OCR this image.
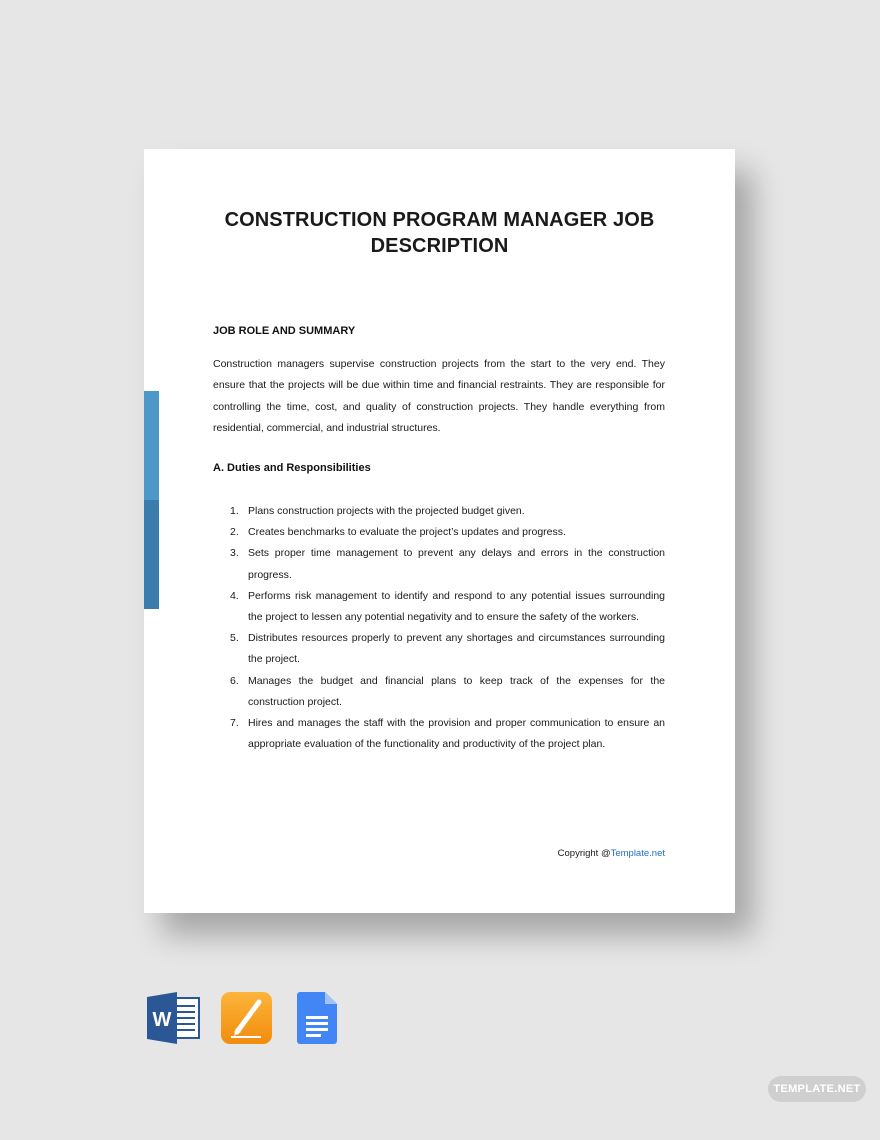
CONSTRUCTION PROGRAM MANAGER JOB
DESCRIPTION
JOB ROLE AND SUMMARY

Construction managers supervise construction projects from the start to the very end. They ensure that the projects will be due within time and financial restraints. They are responsible for controlling the time, cost, and quality of construction projects. They handle everything from residential, commercial, and industrial structures.

A. Duties and Responsibilities
1. Plans construction projects with the projected budget given.
2. Creates benchmarks to evaluate the project’s updates and progress.
3. Sets proper time management to prevent any delays and errors in the construction progress.
4. Performs risk management to identify and respond to any potential issues surrounding the project to lessen any potential negativity and to ensure the safety of the workers.
5. Distributes resources properly to prevent any shortages and circumstances surrounding the project.
6. Manages the budget and financial plans to keep track of the expenses for the construction project.
7. Hires and manages the staff with the provision and proper communication to ensure an appropriate evaluation of the functionality and productivity of the project plan.
Copyright @Template.net
W
TEMPLATE.NET
